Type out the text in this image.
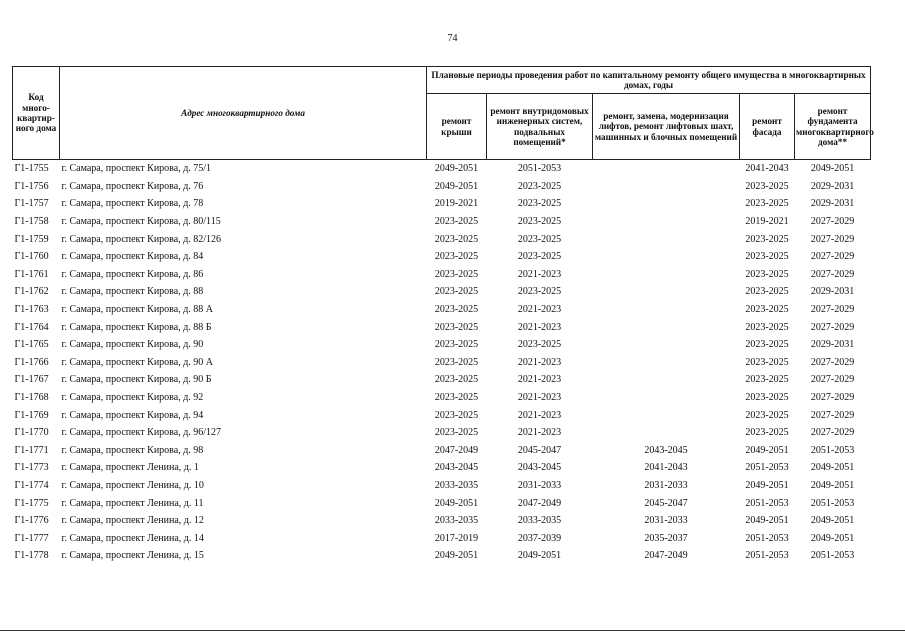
74
Код много-квартир-ного дома	Адрес многоквартирного дома	Плановые периоды проведения работ по капитальному ремонту общего имущества в многоквартирных домах, годы				
		ремонт крыши	ремонт внутридомовых инженерных систем, подвальных помещений*	ремонт, замена, модернизация лифтов, ремонт лифтовых шахт, машинных и блочных помещений	ремонт фасада	ремонт фундамента многоквартирного дома**
Г1-1755	г. Самара, проспект Кирова, д. 75/1	2049-2051	2051-2053		2041-2043	2049-2051
Г1-1756	г. Самара, проспект Кирова, д. 76	2049-2051	2023-2025		2023-2025	2029-2031
Г1-1757	г. Самара, проспект Кирова, д. 78	2019-2021	2023-2025		2023-2025	2029-2031
Г1-1758	г. Самара, проспект Кирова, д. 80/115	2023-2025	2023-2025		2019-2021	2027-2029
Г1-1759	г. Самара, проспект Кирова, д. 82/126	2023-2025	2023-2025		2023-2025	2027-2029
Г1-1760	г. Самара, проспект Кирова, д. 84	2023-2025	2023-2025		2023-2025	2027-2029
Г1-1761	г. Самара, проспект Кирова, д. 86	2023-2025	2021-2023		2023-2025	2027-2029
Г1-1762	г. Самара, проспект Кирова, д. 88	2023-2025	2023-2025		2023-2025	2029-2031
Г1-1763	г. Самара, проспект Кирова, д. 88 А	2023-2025	2021-2023		2023-2025	2027-2029
Г1-1764	г. Самара, проспект Кирова, д. 88 Б	2023-2025	2021-2023		2023-2025	2027-2029
Г1-1765	г. Самара, проспект Кирова, д. 90	2023-2025	2023-2025		2023-2025	2029-2031
Г1-1766	г. Самара, проспект Кирова, д. 90 А	2023-2025	2021-2023		2023-2025	2027-2029
Г1-1767	г. Самара, проспект Кирова, д. 90 Б	2023-2025	2021-2023		2023-2025	2027-2029
Г1-1768	г. Самара, проспект Кирова, д. 92	2023-2025	2021-2023		2023-2025	2027-2029
Г1-1769	г. Самара, проспект Кирова, д. 94	2023-2025	2021-2023		2023-2025	2027-2029
Г1-1770	г. Самара, проспект Кирова, д. 96/127	2023-2025	2021-2023		2023-2025	2027-2029
Г1-1771	г. Самара, проспект Кирова, д. 98	2047-2049	2045-2047	2043-2045	2049-2051	2051-2053
Г1-1773	г. Самара, проспект Ленина, д. 1	2043-2045	2043-2045	2041-2043	2051-2053	2049-2051
Г1-1774	г. Самара, проспект Ленина, д. 10	2033-2035	2031-2033	2031-2033	2049-2051	2049-2051
Г1-1775	г. Самара, проспект Ленина, д. 11	2049-2051	2047-2049	2045-2047	2051-2053	2051-2053
Г1-1776	г. Самара, проспект Ленина, д. 12	2033-2035	2033-2035	2031-2033	2049-2051	2049-2051
Г1-1777	г. Самара, проспект Ленина, д. 14	2017-2019	2037-2039	2035-2037	2051-2053	2049-2051
Г1-1778	г. Самара, проспект Ленина, д. 15	2049-2051	2049-2051	2047-2049	2051-2053	2051-2053
